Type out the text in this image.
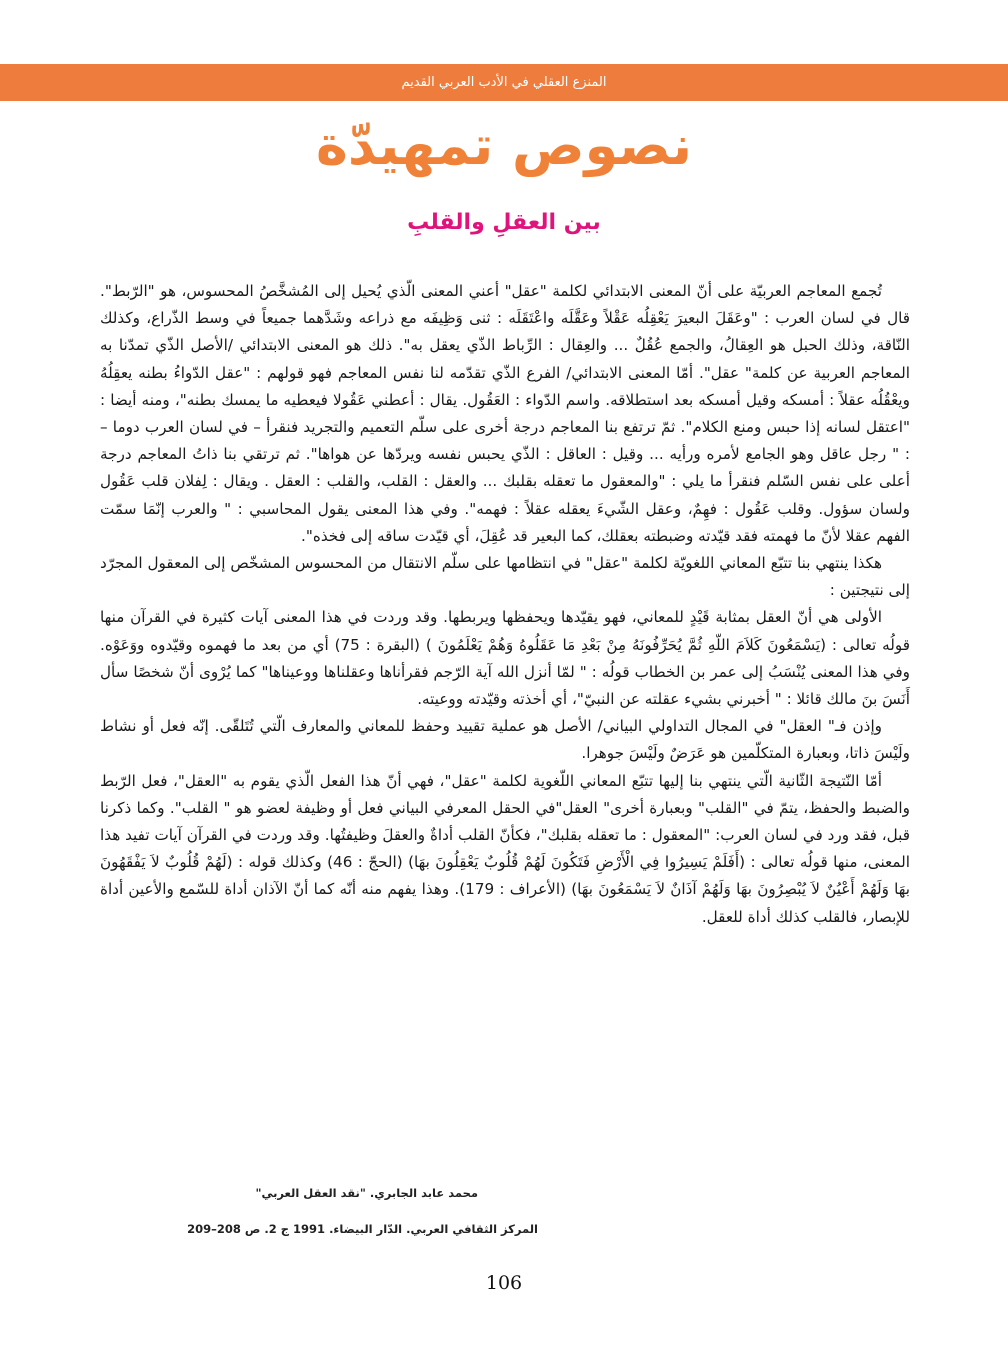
المنزع العقلي في الأدب العربي القديم
نصوص تمهيدّة
بين العقلِ والقلبِ

تُجمع المعاجم العربيّة على أنّ المعنى الابتدائي لكلمة "عقل" أعني المعنى الّذي يُحيل إلى المُشخَّصُ المحسوس، هو "الرّبط". قال في لسان العرب : "وعَقَلَ البعيرَ يَعْقِلُه عَقْلاً وعَقَّلَه واعْتَقَلَه : ثنى وَظِيفَه مع ذراعه وشَدَّهما جميعاً في وسط الذّراع، وكذلك النّاقة، وذلك الحبل هو العِقالُ، والجمع عُقُلٌ ... والعِقال : الرِّباط الذّي يعقل به". ذلك هو المعنى الابتدائي /الأصل الذّي تمدّنا به المعاجم العربية عن كلمة" عقل". أمّا المعنى الابتدائي/ الفرع الذّي تقدّمه لنا نفس المعاجم فهو قولهم : "عقل الدّواءُ بطنه يعقِلُهُ ويعْقُلُه عقلاً : أمسكه وقيل أمسكه بعد استطلاقه. واسم الدّواء : العَقُول. يقال : أعطني عَقُولا فيعطيه ما يمسك بطنه"، ومنه أيضا : "اعتقل لسانه إذا حبس ومنع الكلام". ثمّ ترتفع بنا المعاجم درجة أخرى على سلّم التعميم والتجريد فنقرأ – في لسان العرب دوما – : " رجل عاقل وهو الجامع لأمره ورأيه ... وقيل : العاقل : الذّي يحبس نفسه ويردّها عن هواها". ثم ترتقي بنا ذاتُ المعاجم درجة أعلى على نفس السّلم فنقرأ ما يلي : "والمعقول ما تعقله بقلبك ... والعقل : القلب، والقلب : العقل . ويقال : لِفلان قلب عَقُول ولسان سؤول. وقلب عَقُول : فهِمٌ، وعقل الشّيءَ يعقله عقلاً : فهمه". وفي هذا المعنى يقول المحاسبي : " والعرب إنّمَا سمّت الفهم عقلا لأنّ ما فهمته فقد قيّدته وضبطته بعقلك، كما البعير قد عُقِلَ، أي قيّدت ساقه إلى فخذه".

هكذا ينتهي بنا تتبّع المعاني اللغويّة لكلمة "عقل" في انتظامها على سلّم الانتقال من المحسوس المشخّص إلى المعقول المجرّد إلى نتيجتين :

الأولى هي أنّ العقل بمثابة قَيْدٍ للمعاني، فهو يقيّدها ويحفظها ويربطها. وقد وردت في هذا المعنى آيات كثيرة في القرآن منها قولُه تعالى : (يَسْمَعُونَ كَلاَمَ اللّهِ ثُمَّ يُحَرِّفُونَهُ مِنْ بَعْدِ مَا عَقَلُوهُ وَهُمْ يَعْلَمُونَ ) (البقرة : 75) أي من بعد ما فهموه وقيّدوه ووَعَوْه. وفي هذا المعنى يُنْسَبُ إلى عمر بن الخطاب قولُه : " لمّا أنزل الله آية الرّجم فقرأناها وعقلناها ووعيناها" كما يُرْوى أنّ شخصًا سأل أَنَسَ بنَ مالك قائلا : " أخبرني بشيء عقلته عن النبيّ"، أي أخذته وقيّدته ووعيته.

وإذن فـ" العقل" في المجال التداولي البياني/ الأصل هو عملية تقييد وحفظ للمعاني والمعارف الّتي تُتَلقّى. إنّه فعل أو نشاط ولَيْسَ ذاتا، وبعبارة المتكلّمين هو عَرَضٌ ولَيْسَ جوهرا.

أمّا النّتيجة الثّانية الّتي ينتهي بنا إليها تتبّع المعاني اللّغوية لكلمة "عقل"، فهي أنّ هذا الفعل الّذي يقوم به "العقل"، فعل الرّبط والضبط والحفظ، يتمّ في "القلب" وبعبارة أخرى" العقل"في الحقل المعرفي البياني فعل أو وظيفة لعضو هو " القلب". وكما ذكرنا قبل، فقد ورد في لسان العرب: "المعقول : ما تعقله بقلبك"، فكأنّ القلب أداةٌ والعقلَ وظيفتُها. وقد وردت في القرآن آيات تفيد هذا المعنى، منها قولُه تعالى : (أَفَلَمْ يَسِيرُوا فِي الْأَرْضِ فَتَكُونَ لَهُمْ قُلُوبٌ يَعْقِلُونَ بهَا) (الحجّ : 46) وكذلك قوله : (لَهُمْ قُلُوبٌ لاَ يَفْقَهُونَ بهَا وَلَهُمْ أَعْيُنٌ لاَ يُبْصِرُونَ بهَا وَلَهُمْ آذَانٌ لاَ يَسْمَعُونَ بهَا) (الأعراف : 179). وهذا يفهم منه أنّه كما أنّ الآذان أداة للسّمع والأعين أداة للإبصار، فالقلب كذلك أداة للعقل.

محمد عابد الجابري. "نقد العقل العربي"
المركز الثقافي العربي. الدّار البيضاء. 1991 ج 2. ص 208–209
106
